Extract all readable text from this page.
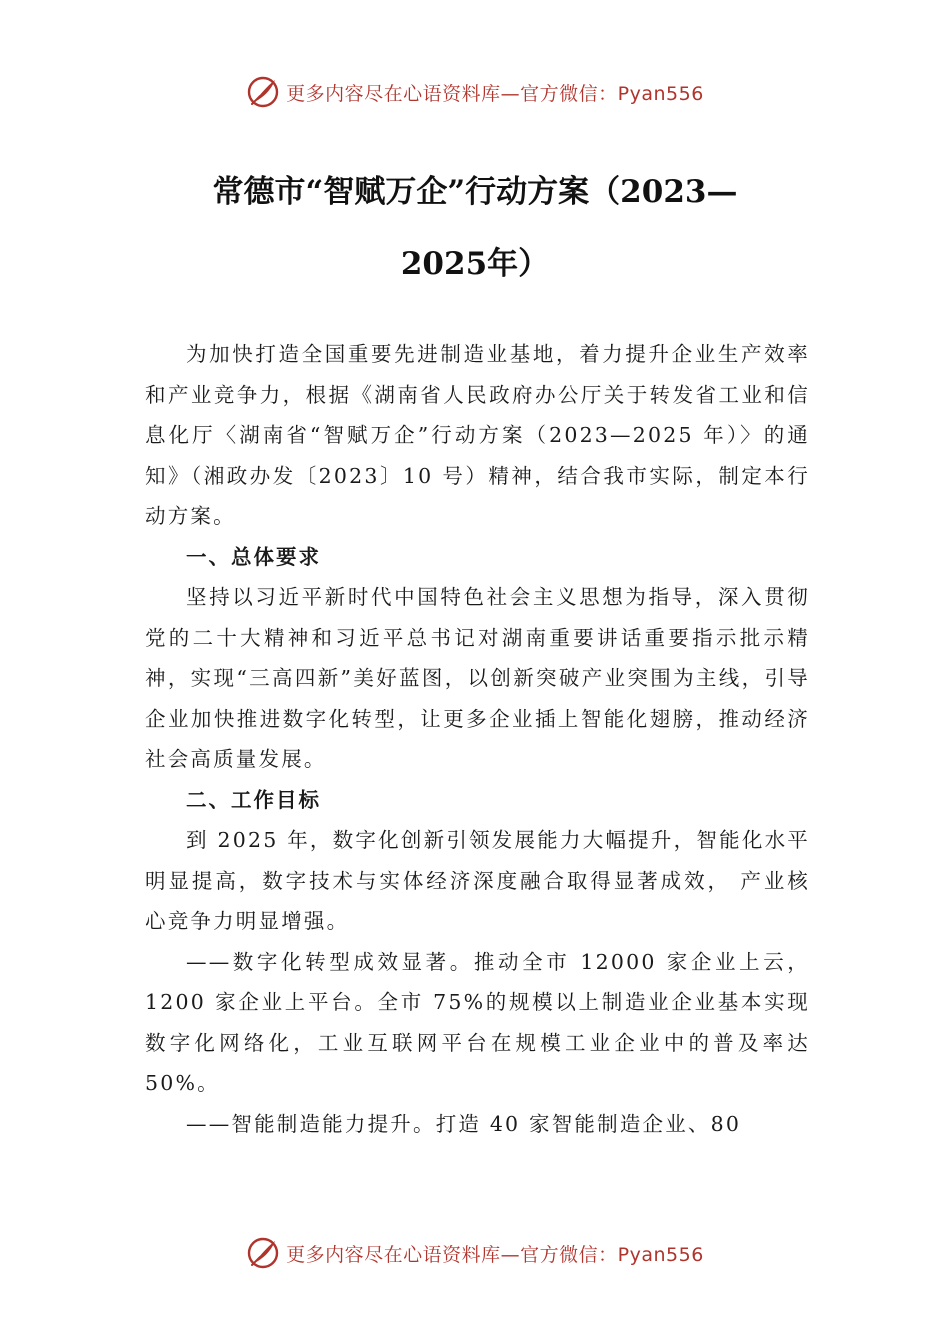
更多内容尽在心语资料库—官方微信：Pyan556
常德市“智赋万企”行动方案（2023—
2025年）

为加快打造全国重要先进制造业基地，着力提升企业生产效率和产业竞争力，根据《湖南省人民政府办公厅关于转发省工业和信息化厅〈湖南省“智赋万企”行动方案（2023—2025 年）〉的通知》（湘政办发〔2023〕10 号）精神，结合我市实际，制定本行动方案。

一、总体要求

坚持以习近平新时代中国特色社会主义思想为指导，深入贯彻党的二十大精神和习近平总书记对湖南重要讲话重要指示批示精神，实现“三高四新”美好蓝图，以创新突破产业突围为主线，引导企业加快推进数字化转型，让更多企业插上智能化翅膀，推动经济社会高质量发展。

二、工作目标

到 2025 年，数字化创新引领发展能力大幅提升，智能化水平明显提高，数字技术与实体经济深度融合取得显著成效， 产业核心竞争力明显增强。

——数字化转型成效显著。推动全市 12000 家企业上云，1200 家企业上平台。全市 75%的规模以上制造业企业基本实现数字化网络化，工业互联网平台在规模工业企业中的普及率达 50%。

——智能制造能力提升。打造 40 家智能制造企业、80

更多内容尽在心语资料库—官方微信：Pyan556
